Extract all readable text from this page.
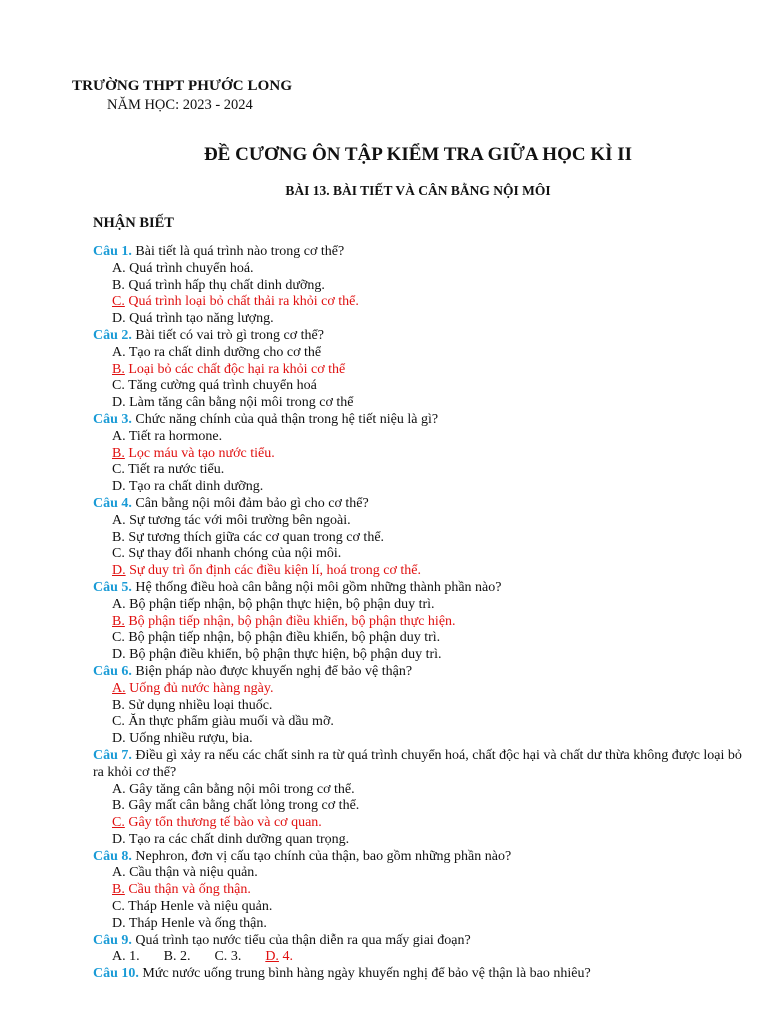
TRƯỜNG THPT PHƯỚC LONG
NĂM HỌC: 2023 - 2024
ĐỀ CƯƠNG ÔN TẬP KIỂM TRA GIỮA HỌC KÌ II
BÀI 13. BÀI TIẾT VÀ CÂN BẰNG NỘI MÔI
NHẬN BIẾT
Câu 1. Bài tiết là quá trình nào trong cơ thể?
A. Quá trình chuyển hoá.
B. Quá trình hấp thụ chất dinh dưỡng.
C. Quá trình loại bỏ chất thải ra khỏi cơ thể.
D. Quá trình tạo năng lượng.
Câu 2. Bài tiết có vai trò gì trong cơ thể?
A. Tạo ra chất dinh dưỡng cho cơ thể
B. Loại bỏ các chất độc hại ra khỏi cơ thể
C. Tăng cường quá trình chuyển hoá
D. Làm tăng cân bằng nội môi trong cơ thể
Câu 3. Chức năng chính của quả thận trong hệ tiết niệu là gì?
A. Tiết ra hormone.
B. Lọc máu và tạo nước tiểu.
C. Tiết ra nước tiểu.
D. Tạo ra chất dinh dưỡng.
Câu 4. Cân bằng nội môi đảm bảo gì cho cơ thể?
A. Sự tương tác với môi trường bên ngoài.
B. Sự tương thích giữa các cơ quan trong cơ thể.
C. Sự thay đổi nhanh chóng của nội môi.
D. Sự duy trì ổn định các điều kiện lí, hoá trong cơ thể.
Câu 5. Hệ thống điều hoà cân bằng nội môi gồm những thành phần nào?
A. Bộ phận tiếp nhận, bộ phận thực hiện, bộ phận duy trì.
B. Bộ phận tiếp nhận, bộ phận điều khiển, bộ phận thực hiện.
C. Bộ phận tiếp nhận, bộ phận điều khiển, bộ phận duy trì.
D. Bộ phận điều khiển, bộ phận thực hiện, bộ phận duy trì.
Câu 6. Biện pháp nào được khuyến nghị để bảo vệ thận?
A. Uống đủ nước hàng ngày.
B. Sử dụng nhiều loại thuốc.
C. Ăn thực phẩm giàu muối và dầu mỡ.
D. Uống nhiều rượu, bia.
Câu 7. Điều gì xảy ra nếu các chất sinh ra từ quá trình chuyển hoá, chất độc hại và chất dư thừa không được loại bỏ ra khỏi cơ thể?
A. Gây tăng cân bằng nội môi trong cơ thể.
B. Gây mất cân bằng chất lỏng trong cơ thể.
C. Gây tổn thương tế bào và cơ quan.
D. Tạo ra các chất dinh dưỡng quan trọng.
Câu 8. Nephron, đơn vị cấu tạo chính của thận, bao gồm những phần nào?
A. Cầu thận và niệu quản.
B. Cầu thận và ống thận.
C. Tháp Henle và niệu quản.
D. Tháp Henle và ống thận.
Câu 9. Quá trình tạo nước tiểu của thận diễn ra qua mấy giai đoạn?
A. 1. B. 2. C. 3. D. 4.
Câu 10. Mức nước uống trung bình hàng ngày khuyến nghị để bảo vệ thận là bao nhiêu?
